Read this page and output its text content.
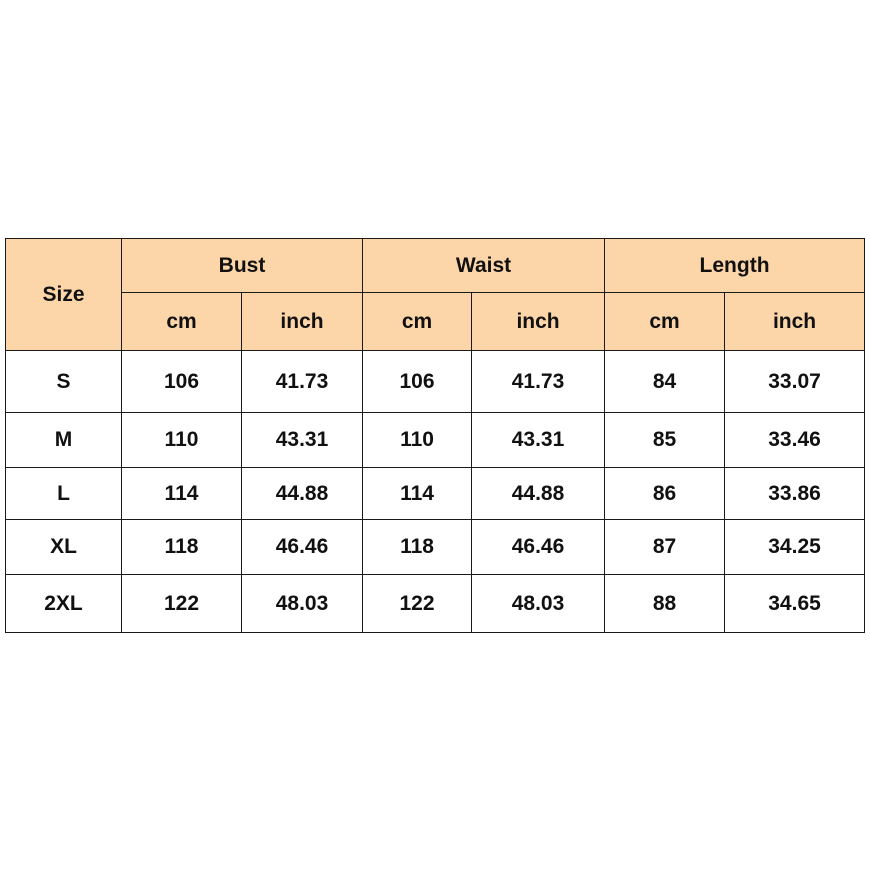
Size	Bust		Waist		Length	
	cm	inch	cm	inch	cm	inch
S	106	41.73	106	41.73	84	33.07
M	110	43.31	110	43.31	85	33.46
L	114	44.88	114	44.88	86	33.86
XL	118	46.46	118	46.46	87	34.25
2XL	122	48.03	122	48.03	88	34.65
